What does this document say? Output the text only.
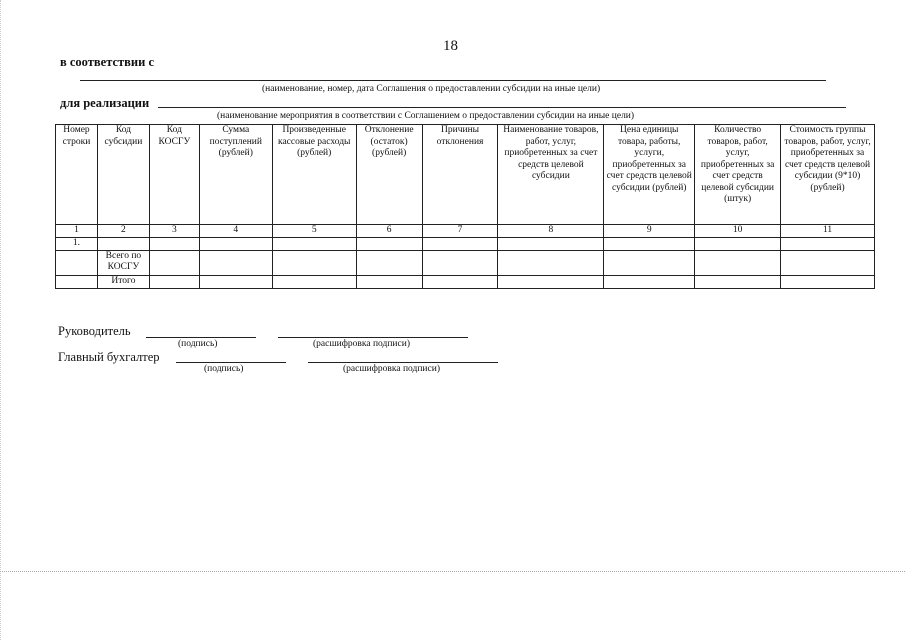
18
в соответствии с
(наименование, номер, дата Соглашения о предоставлении субсидии на иные цели)
для реализации
(наименование мероприятия в соответствии с Соглашением о предоставлении субсидии на иные цели)
Номер строки	Код субсидии	Код КОСГУ	Сумма поступлений (рублей)	Произведенные кассовые расходы (рублей)	Отклонение (остаток) (рублей)	Причины отклонения	Наименование товаров, работ, услуг, приобретенных за счет средств целевой субсидии	Цена единицы товара, работы, услуги, приобретенных за счет средств целевой субсидии (рублей)	Количество товаров, работ, услуг, приобретенных за счет средств целевой субсидии (штук)	Стоимость группы товаров, работ, услуг, приобретенных за счет средств целевой субсидии (9*10) (рублей)
1	2	3	4	5	6	7	8	9	10	11
1.										
	Всего по КОСГУ									
	Итого									
Руководитель
(подпись)	(расшифровка подписи)
Главный бухгалтер
(подпись)	(расшифровка подписи)
